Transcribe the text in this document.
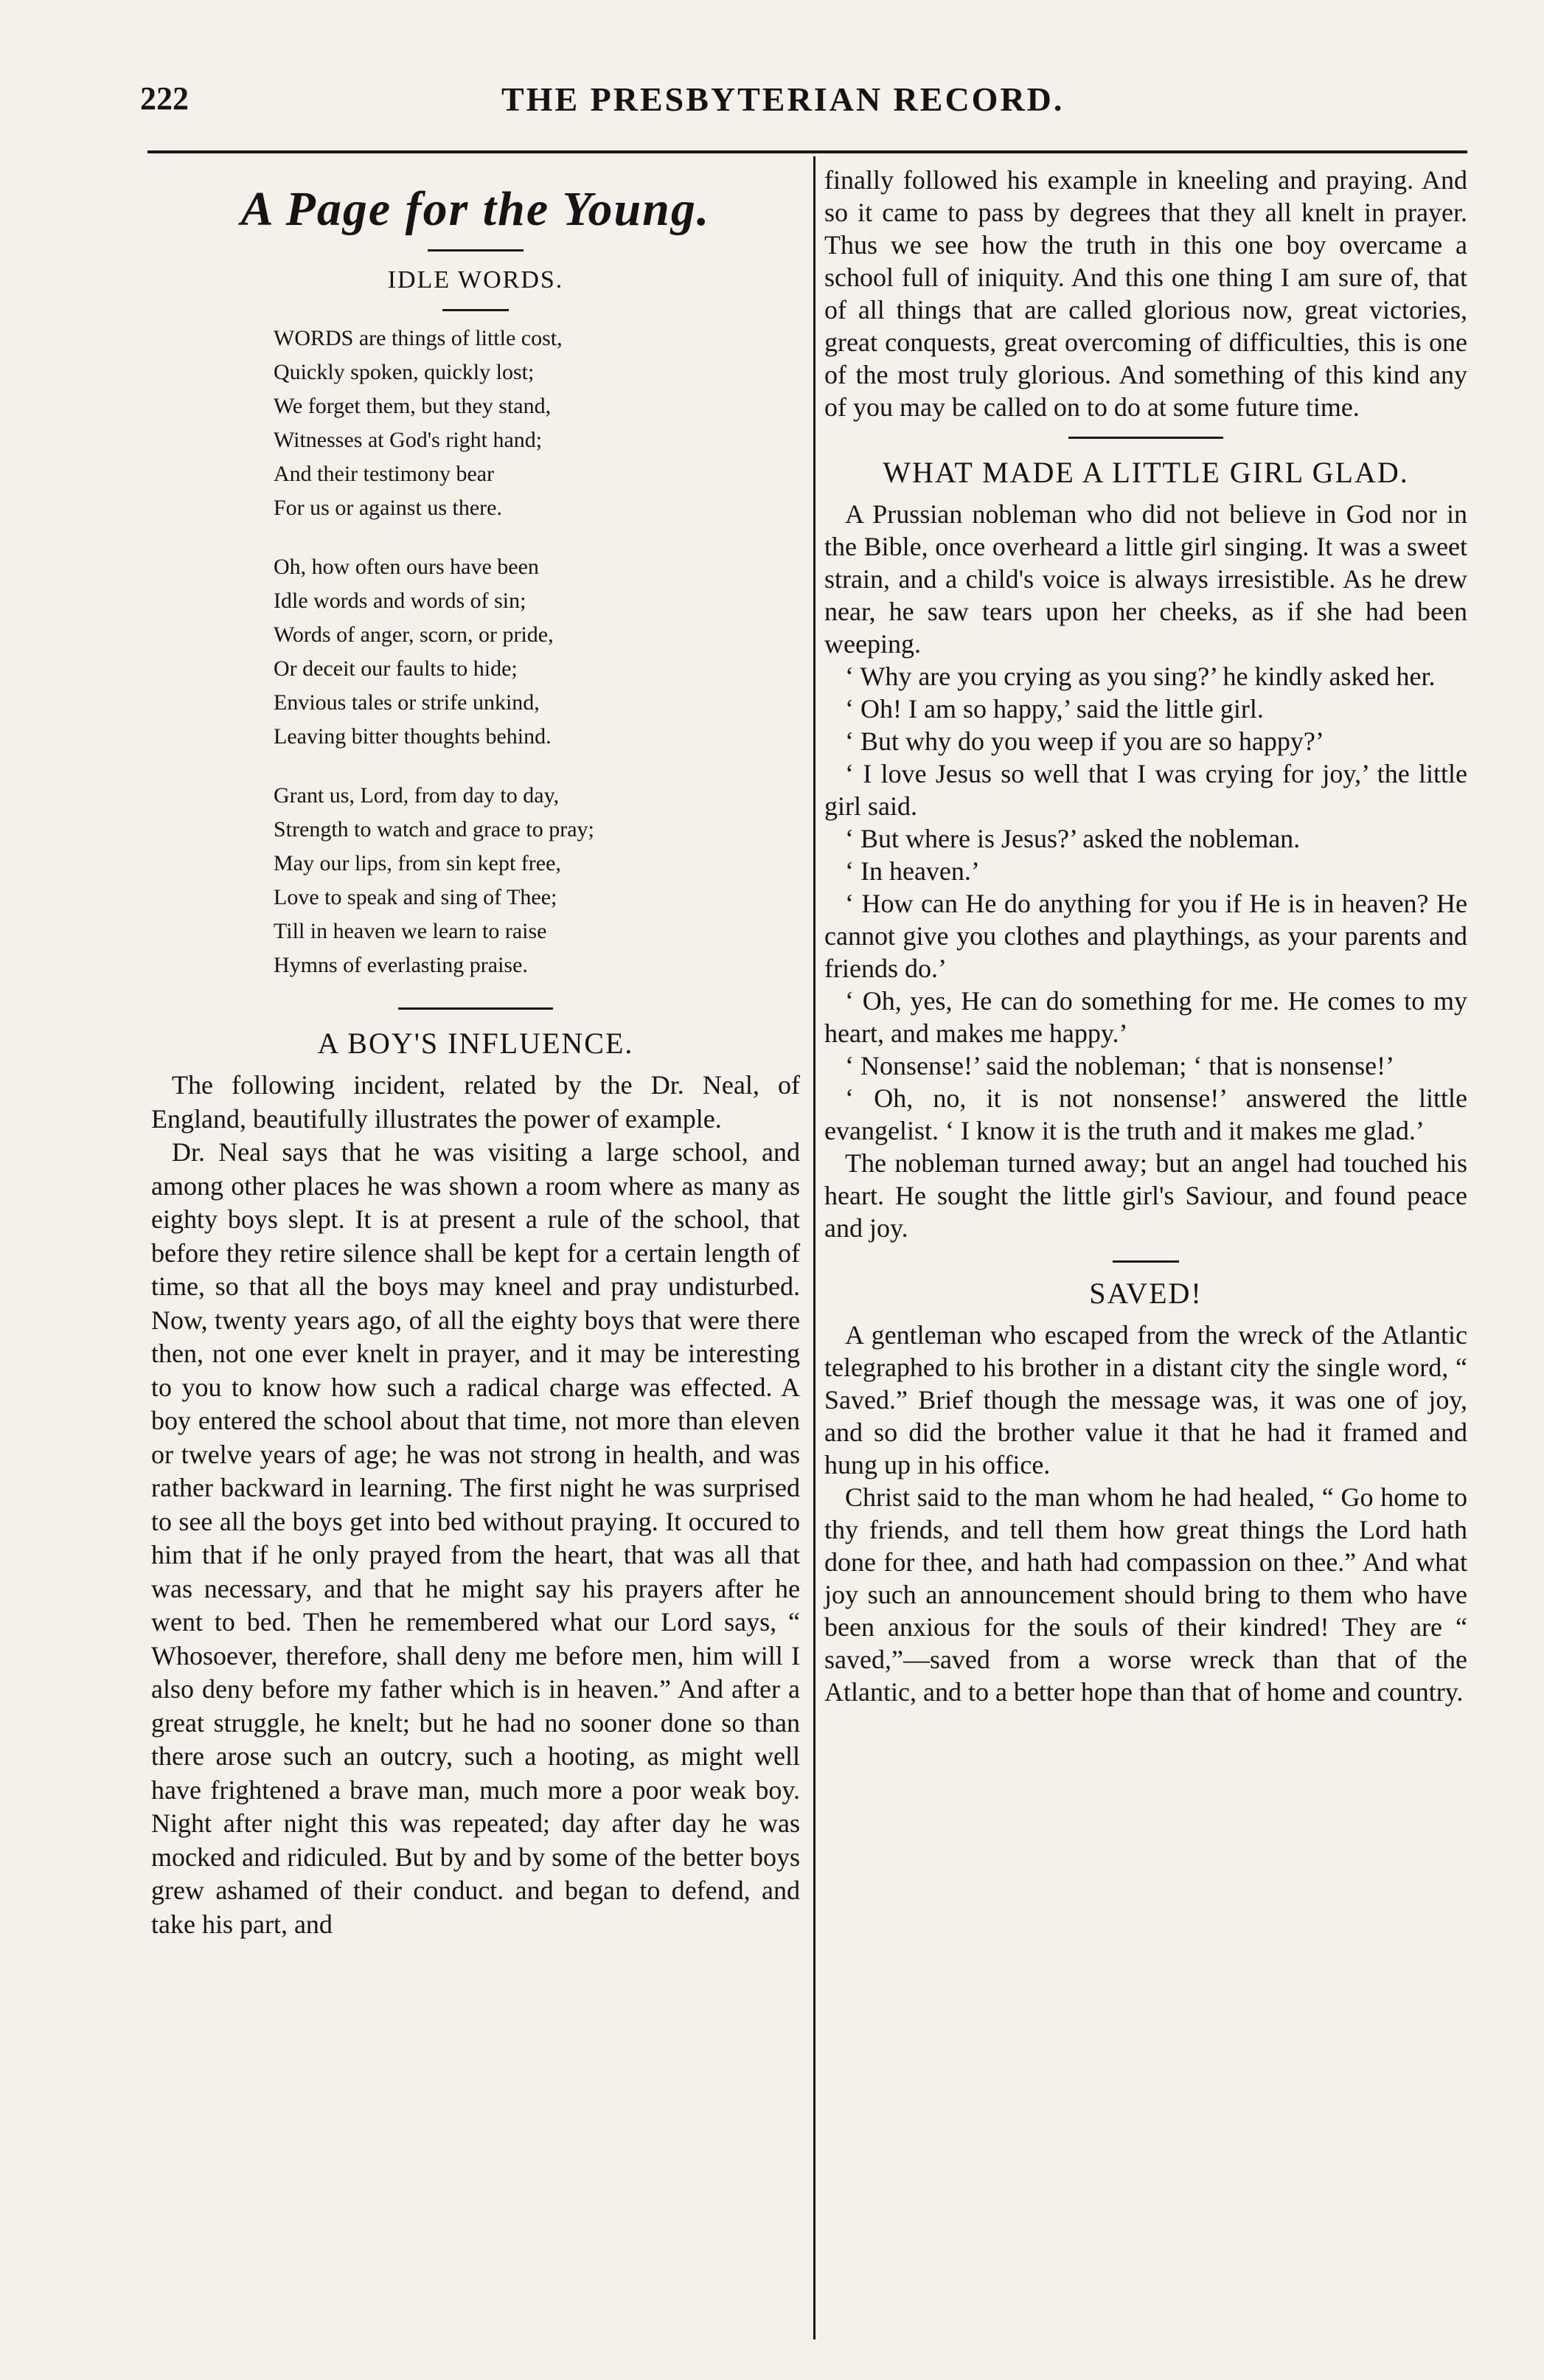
222	THE PRESBYTERIAN RECORD.
A Page for the Young.
IDLE WORDS.
WORDS are things of little cost,
Quickly spoken, quickly lost;
We forget them, but they stand,
Witnesses at God's right hand;
And their testimony bear
For us or against us there.
Oh, how often ours have been
Idle words and words of sin;
Words of anger, scorn, or pride,
Or deceit our faults to hide;
Envious tales or strife unkind,
Leaving bitter thoughts behind.
Grant us, Lord, from day to day,
Strength to watch and grace to pray;
May our lips, from sin kept free,
Love to speak and sing of Thee;
Till in heaven we learn to raise
Hymns of everlasting praise.
A BOY'S INFLUENCE.

The following incident, related by the Dr. Neal, of England, beautifully illustrates the power of example.

Dr. Neal says that he was visiting a large school, and among other places he was shown a room where as many as eighty boys slept. It is at present a rule of the school, that before they retire silence shall be kept for a certain length of time, so that all the boys may kneel and pray undisturbed. Now, twenty years ago, of all the eighty boys that were there then, not one ever knelt in prayer, and it may be interesting to you to know how such a radical charge was effected. A boy entered the school about that time, not more than eleven or twelve years of age; he was not strong in health, and was rather backward in learning. The first night he was surprised to see all the boys get into bed without praying. It occured to him that if he only prayed from the heart, that was all that was necessary, and that he might say his prayers after he went to bed. Then he remembered what our Lord says, “ Whosoever, therefore, shall deny me before men, him will I also deny before my father which is in heaven.” And after a great struggle, he knelt; but he had no sooner done so than there arose such an outcry, such a hooting, as might well have frightened a brave man, much more a poor weak boy. Night after night this was repeated; day after day he was mocked and ridiculed. But by and by some of the better boys grew ashamed of their conduct. and began to defend, and take his part, and

finally followed his example in kneeling and praying. And so it came to pass by degrees that they all knelt in prayer. Thus we see how the truth in this one boy overcame a school full of iniquity. And this one thing I am sure of, that of all things that are called glorious now, great victories, great conquests, great overcoming of difficulties, this is one of the most truly glorious. And something of this kind any of you may be called on to do at some future time.

WHAT MADE A LITTLE GIRL GLAD.

A Prussian nobleman who did not believe in God nor in the Bible, once overheard a little girl singing. It was a sweet strain, and a child's voice is always irresistible. As he drew near, he saw tears upon her cheeks, as if she had been weeping.

‘ Why are you crying as you sing?’ he kindly asked her.

‘ Oh! I am so happy,’ said the little girl.

‘ But why do you weep if you are so happy?’

‘ I love Jesus so well that I was crying for joy,’ the little girl said.

‘ But where is Jesus?’ asked the nobleman.

‘ In heaven.’

‘ How can He do anything for you if He is in heaven? He cannot give you clothes and playthings, as your parents and friends do.’

‘ Oh, yes, He can do something for me. He comes to my heart, and makes me happy.’

‘ Nonsense!’ said the nobleman; ‘ that is nonsense!’

‘ Oh, no, it is not nonsense!’ answered the little evangelist. ‘ I know it is the truth and it makes me glad.’

The nobleman turned away; but an angel had touched his heart. He sought the little girl's Saviour, and found peace and joy.

SAVED!

A gentleman who escaped from the wreck of the Atlantic telegraphed to his brother in a distant city the single word, “ Saved.” Brief though the message was, it was one of joy, and so did the brother value it that he had it framed and hung up in his office.

Christ said to the man whom he had healed, “ Go home to thy friends, and tell them how great things the Lord hath done for thee, and hath had compassion on thee.” And what joy such an announcement should bring to them who have been anxious for the souls of their kindred! They are “ saved,”—saved from a worse wreck than that of the Atlantic, and to a better hope than that of home and country.
